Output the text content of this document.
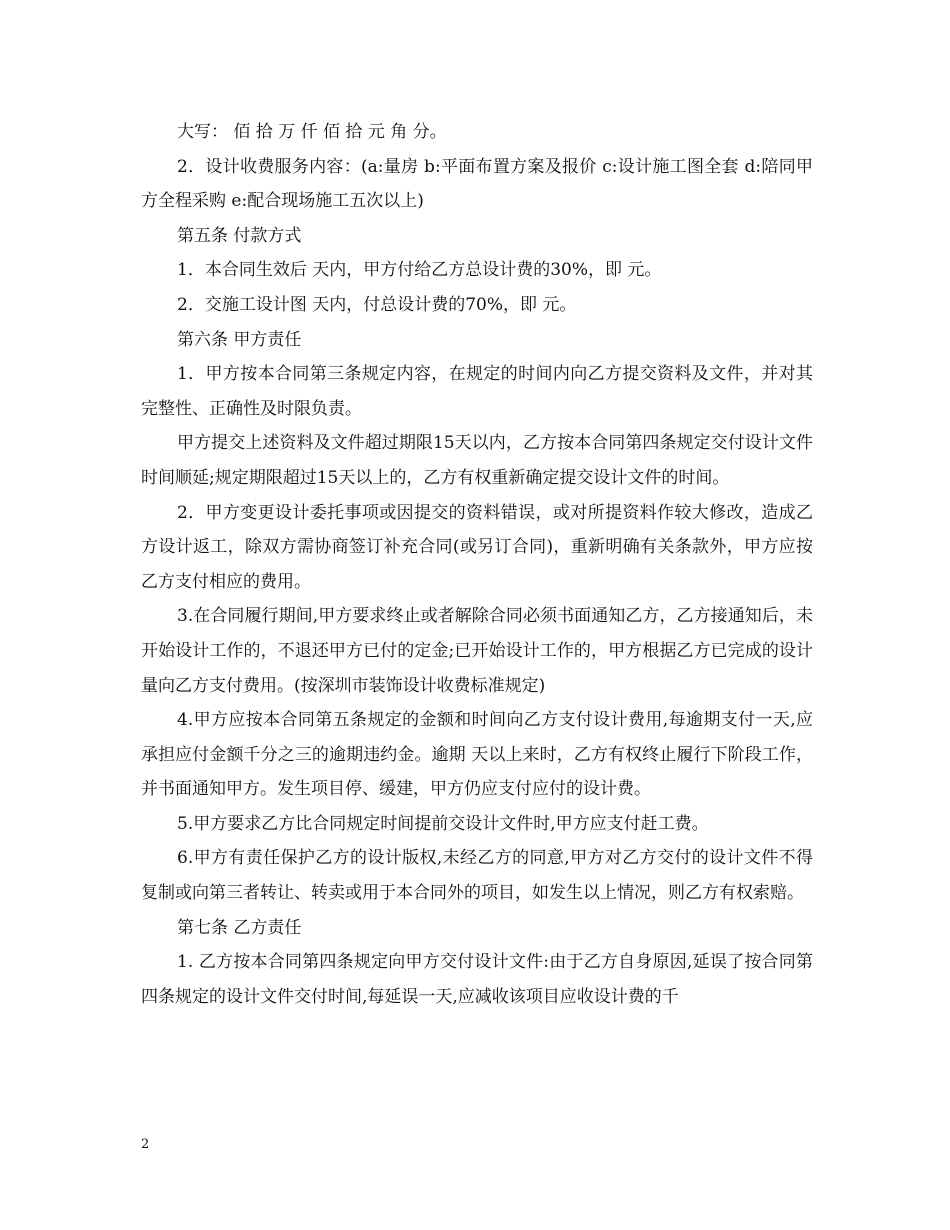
大写： 佰 拾 万 仟 佰 拾 元 角 分。

2．设计收费服务内容：(a:量房 b:平面布置方案及报价 c:设计施工图全套 d:陪同甲方全程采购 e:配合现场施工五次以上)

第五条 付款方式

1．本合同生效后 天内，甲方付给乙方总设计费的30%，即 元。

2．交施工设计图 天内，付总设计费的70%，即 元。

第六条 甲方责任

1．甲方按本合同第三条规定内容，在规定的时间内向乙方提交资料及文件，并对其完整性、正确性及时限负责。

甲方提交上述资料及文件超过期限15天以内，乙方按本合同第四条规定交付设计文件时间顺延;规定期限超过15天以上的，乙方有权重新确定提交设计文件的时间。

2．甲方变更设计委托事项或因提交的资料错误，或对所提资料作较大修改，造成乙方设计返工，除双方需协商签订补充合同(或另订合同)，重新明确有关条款外，甲方应按乙方支付相应的费用。

3.在合同履行期间,甲方要求终止或者解除合同必须书面通知乙方，乙方接通知后，未开始设计工作的，不退还甲方已付的定金;已开始设计工作的，甲方根据乙方已完成的设计量向乙方支付费用。(按深圳市装饰设计收费标准规定)

4.甲方应按本合同第五条规定的金额和时间向乙方支付设计费用,每逾期支付一天,应承担应付金额千分之三的逾期违约金。逾期 天以上来时，乙方有权终止履行下阶段工作，并书面通知甲方。发生项目停、缓建，甲方仍应支付应付的设计费。

5.甲方要求乙方比合同规定时间提前交设计文件时,甲方应支付赶工费。

6.甲方有责任保护乙方的设计版权,未经乙方的同意,甲方对乙方交付的设计文件不得复制或向第三者转让、转卖或用于本合同外的项目，如发生以上情况，则乙方有权索赔。

第七条 乙方责任

1. 乙方按本合同第四条规定向甲方交付设计文件:由于乙方自身原因,延误了按合同第四条规定的设计文件交付时间,每延误一天,应减收该项目应收设计费的千

2
